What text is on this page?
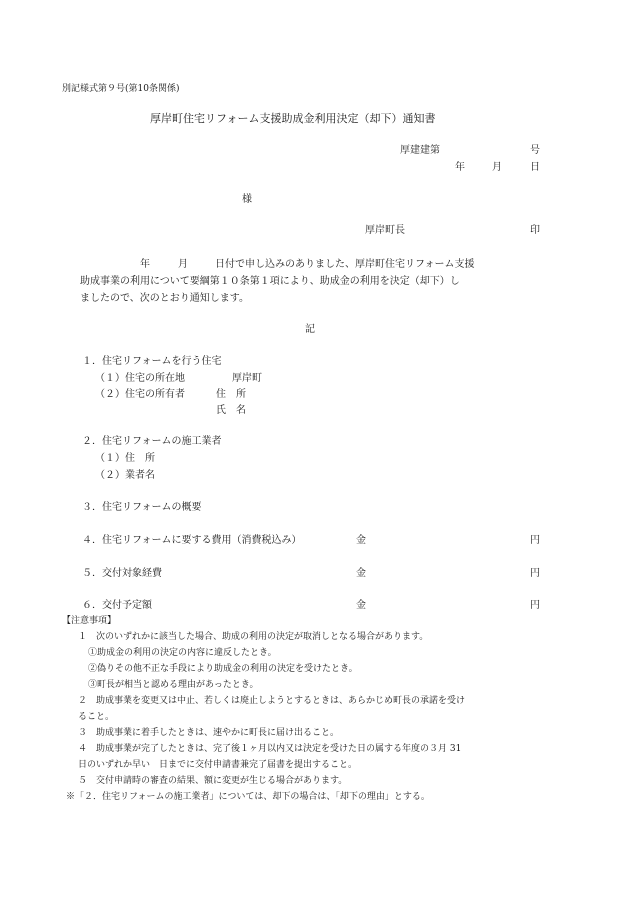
別記様式第９号(第10条関係)
厚岸町住宅リフォーム支援助成金利用決定（却下）通知書
厚建建第	号
年	月	日
様
厚岸町長	印
年	月	日付で申し込みのありました、厚岸町住宅リフォーム支援
助成事業の利用について要綱第１０条第１項により、助成金の利用を決定（却下）し
ましたので、次のとおり通知します。
記
１．住宅リフォームを行う住宅
（１）住宅の所在地	厚岸町
（２）住宅の所有者	住　所
氏　名
２．住宅リフォームの施工業者
（１）住　所
（２）業者名
３．住宅リフォームの概要
４．住宅リフォームに要する費用（消費税込み）	金	円
５．交付対象経費	金	円
６．交付予定額	金	円
【注意事項】
１　次のいずれかに該当した場合、助成の利用の決定が取消しとなる場合があります。
①助成金の利用の決定の内容に違反したとき。
②偽りその他不正な手段により助成金の利用の決定を受けたとき。
③町長が相当と認める理由があったとき。
２　助成事業を変更又は中止、若しくは廃止しようとするときは、あらかじめ町長の承諾を受け
ること。
３　助成事業に着手したときは、速やかに町長に届け出ること。
４　助成事業が完了したときは、完了後１ヶ月以内又は決定を受けた日の属する年度の３月 31
日のいずれか早い　日までに交付申請書兼完了届書を提出すること。
５　交付申請時の審査の結果、額に変更が生じる場合があります。
※「２．住宅リフォームの施工業者」については、却下の場合は、「却下の理由」とする。
